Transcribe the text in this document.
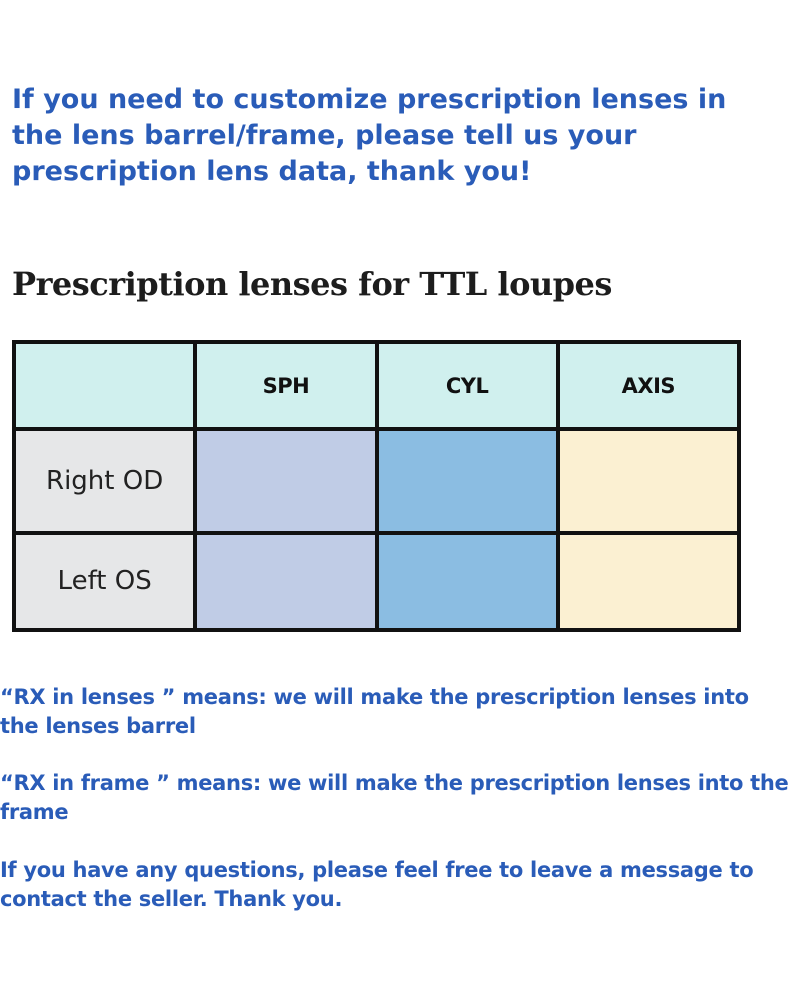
If you need to customize prescription lenses in the lens barrel/frame, please tell us your prescription lens data, thank you!

Prescription lenses for TTL loupes
	SPH	CYL	AXIS
Right OD			
Left OS			

“RX in lenses ” means: we will make the prescription lenses into the lenses barrel

“RX in frame ” means: we will make the prescription lenses into the frame

If you have any questions, please feel free to leave a message to contact the seller. Thank you.
